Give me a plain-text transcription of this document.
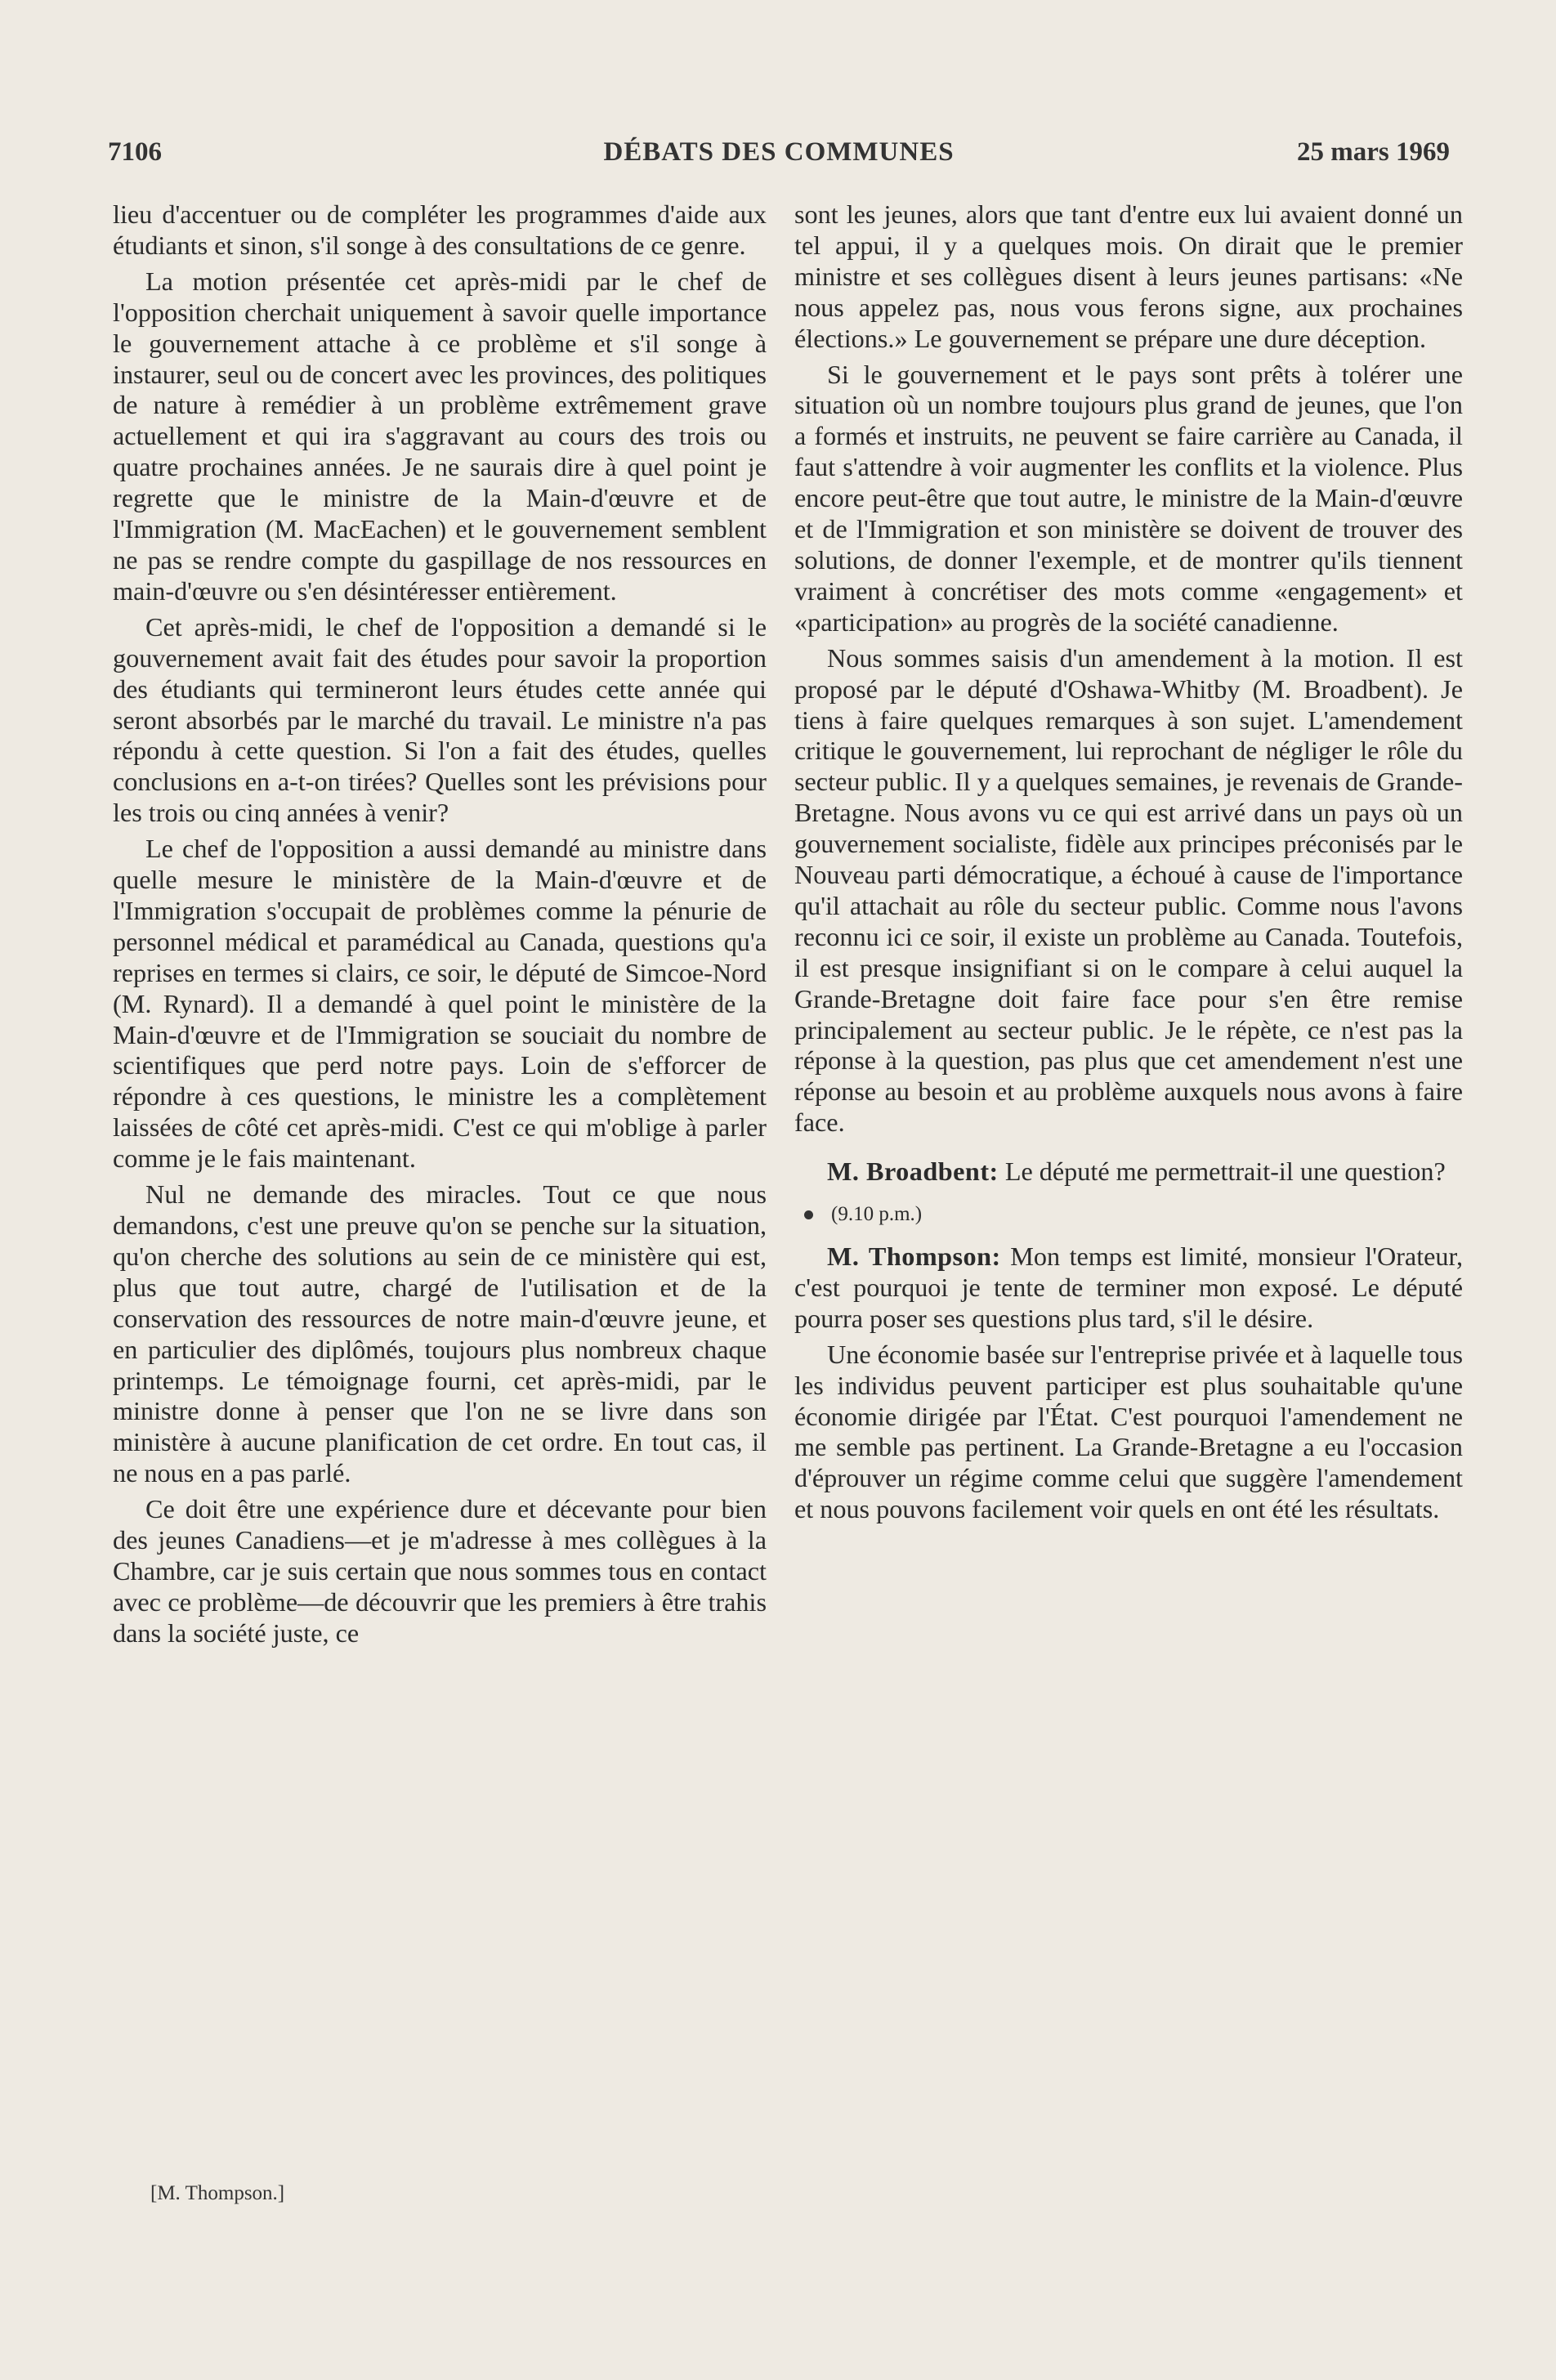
7106	DÉBATS DES COMMUNES	25 mars 1969

lieu d'accentuer ou de compléter les programmes d'aide aux étudiants et sinon, s'il songe à des consultations de ce genre.

La motion présentée cet après-midi par le chef de l'opposition cherchait uniquement à savoir quelle importance le gouvernement attache à ce problème et s'il songe à instaurer, seul ou de concert avec les provinces, des politiques de nature à remédier à un problème extrêmement grave actuellement et qui ira s'aggravant au cours des trois ou quatre prochaines années. Je ne saurais dire à quel point je regrette que le ministre de la Main-d'œuvre et de l'Immigration (M. MacEachen) et le gouvernement semblent ne pas se rendre compte du gaspillage de nos ressources en main-d'œuvre ou s'en désintéresser entièrement.

Cet après-midi, le chef de l'opposition a demandé si le gouvernement avait fait des études pour savoir la proportion des étudiants qui termineront leurs études cette année qui seront absorbés par le marché du travail. Le ministre n'a pas répondu à cette question. Si l'on a fait des études, quelles conclusions en a-t-on tirées? Quelles sont les prévisions pour les trois ou cinq années à venir?

Le chef de l'opposition a aussi demandé au ministre dans quelle mesure le ministère de la Main-d'œuvre et de l'Immigration s'occupait de problèmes comme la pénurie de personnel médical et paramédical au Canada, questions qu'a reprises en termes si clairs, ce soir, le député de Simcoe-Nord (M. Rynard). Il a demandé à quel point le ministère de la Main-d'œuvre et de l'Immigration se souciait du nombre de scientifiques que perd notre pays. Loin de s'efforcer de répondre à ces questions, le ministre les a complètement laissées de côté cet après-midi. C'est ce qui m'oblige à parler comme je le fais maintenant.

Nul ne demande des miracles. Tout ce que nous demandons, c'est une preuve qu'on se penche sur la situation, qu'on cherche des solutions au sein de ce ministère qui est, plus que tout autre, chargé de l'utilisation et de la conservation des ressources de notre main-d'œuvre jeune, et en particulier des diplômés, toujours plus nombreux chaque printemps. Le témoignage fourni, cet après-midi, par le ministre donne à penser que l'on ne se livre dans son ministère à aucune planification de cet ordre. En tout cas, il ne nous en a pas parlé.

Ce doit être une expérience dure et décevante pour bien des jeunes Canadiens—et je m'adresse à mes collègues à la Chambre, car je suis certain que nous sommes tous en contact avec ce problème—de découvrir que les premiers à être trahis dans la société juste, ce

sont les jeunes, alors que tant d'entre eux lui avaient donné un tel appui, il y a quelques mois. On dirait que le premier ministre et ses collègues disent à leurs jeunes partisans: «Ne nous appelez pas, nous vous ferons signe, aux prochaines élections.» Le gouvernement se prépare une dure déception.

Si le gouvernement et le pays sont prêts à tolérer une situation où un nombre toujours plus grand de jeunes, que l'on a formés et instruits, ne peuvent se faire carrière au Canada, il faut s'attendre à voir augmenter les conflits et la violence. Plus encore peut-être que tout autre, le ministre de la Main-d'œuvre et de l'Immigration et son ministère se doivent de trouver des solutions, de donner l'exemple, et de montrer qu'ils tiennent vraiment à concrétiser des mots comme «engagement» et «participation» au progrès de la société canadienne.

Nous sommes saisis d'un amendement à la motion. Il est proposé par le député d'Oshawa-Whitby (M. Broadbent). Je tiens à faire quelques remarques à son sujet. L'amendement critique le gouvernement, lui reprochant de négliger le rôle du secteur public. Il y a quelques semaines, je revenais de Grande-Bretagne. Nous avons vu ce qui est arrivé dans un pays où un gouvernement socialiste, fidèle aux principes préconisés par le Nouveau parti démocratique, a échoué à cause de l'importance qu'il attachait au rôle du secteur public. Comme nous l'avons reconnu ici ce soir, il existe un problème au Canada. Toutefois, il est presque insignifiant si on le compare à celui auquel la Grande-Bretagne doit faire face pour s'en être remise principalement au secteur public. Je le répète, ce n'est pas la réponse à la question, pas plus que cet amendement n'est une réponse au besoin et au problème auxquels nous avons à faire face.

M. Broadbent: Le député me permettrait-il une question?

(9.10 p.m.)

M. Thompson: Mon temps est limité, monsieur l'Orateur, c'est pourquoi je tente de terminer mon exposé. Le député pourra poser ses questions plus tard, s'il le désire.

Une économie basée sur l'entreprise privée et à laquelle tous les individus peuvent participer est plus souhaitable qu'une économie dirigée par l'État. C'est pourquoi l'amendement ne me semble pas pertinent. La Grande-Bretagne a eu l'occasion d'éprouver un régime comme celui que suggère l'amendement et nous pouvons facilement voir quels en ont été les résultats.

[M. Thompson.]
